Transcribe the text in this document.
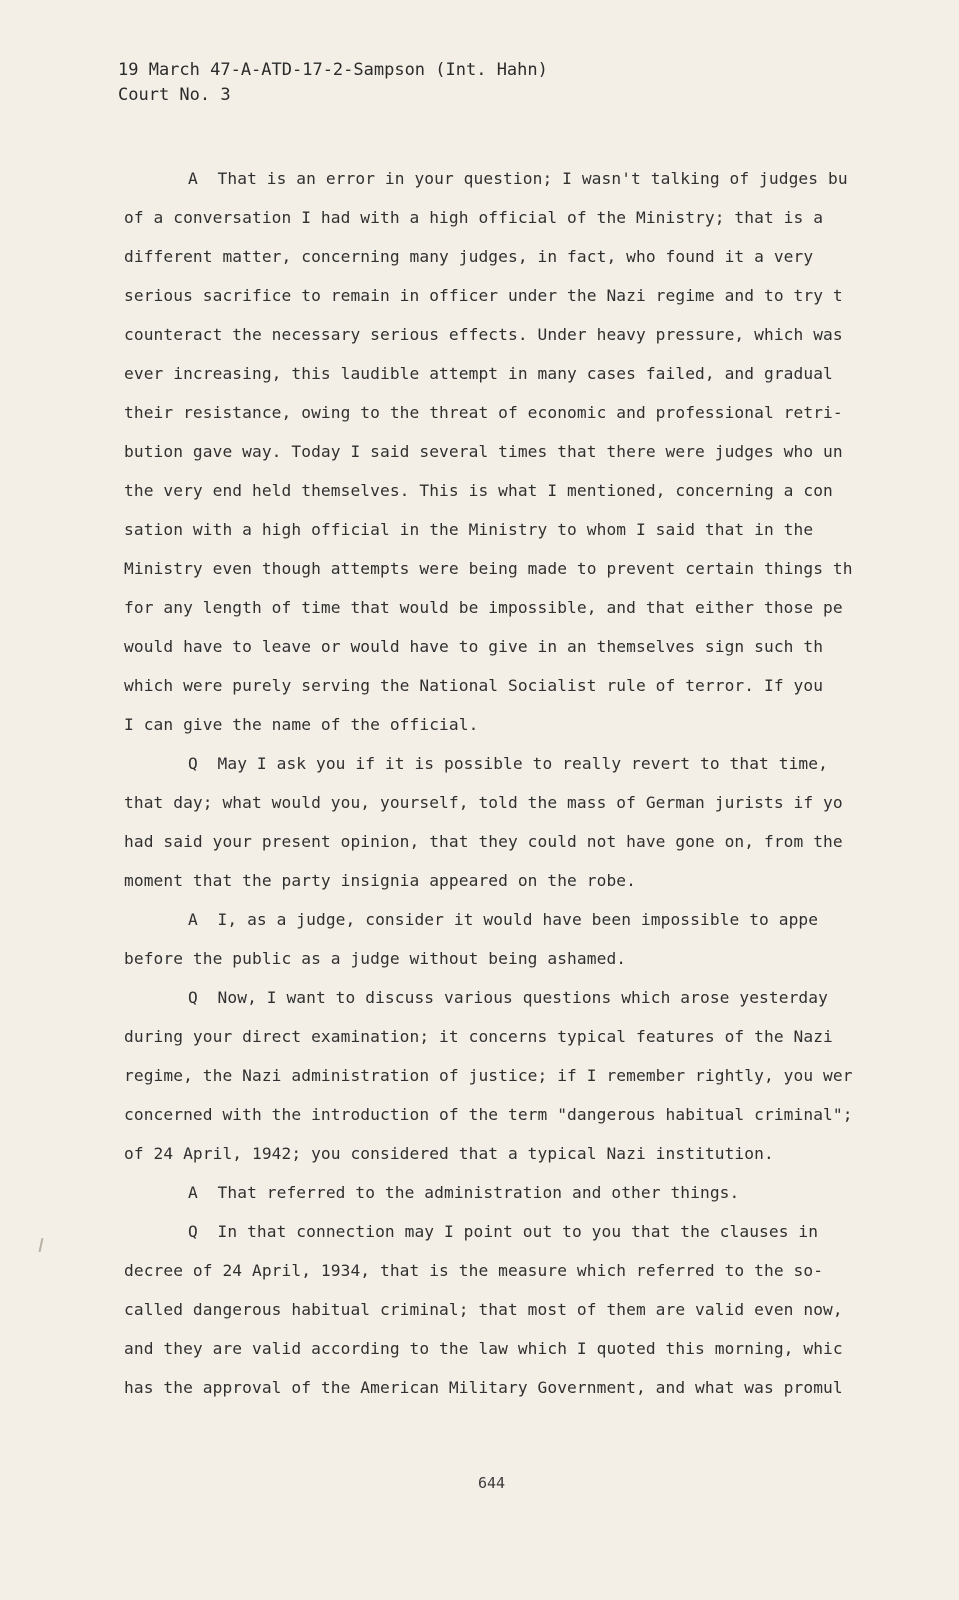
19 March 47-A-ATD-17-2-Sampson (Int. Hahn)
Court No. 3
A  That is an error in your question; I wasn't talking of judges bu
of a conversation I had with a high official of the Ministry; that is a
different matter, concerning many judges, in fact, who found it a very
serious sacrifice to remain in officer under the Nazi regime and to try t
counteract the necessary serious effects. Under heavy pressure, which was
ever increasing, this laudible attempt in many cases failed, and gradual
their resistance, owing to the threat of economic and professional retri-
bution gave way. Today I said several times that there were judges who un
the very end held themselves. This is what I mentioned, concerning a con
sation with a high official in the Ministry to whom I said that in the
Ministry even though attempts were being made to prevent certain things th
for any length of time that would be impossible, and that either those pe
would have to leave or would have to give in an themselves sign such th
which were purely serving the National Socialist rule of terror. If you
I can give the name of the official.
Q  May I ask you if it is possible to really revert to that time,
that day; what would you, yourself, told the mass of German jurists if yo
had said your present opinion, that they could not have gone on, from the
moment that the party insignia appeared on the robe.
A  I, as a judge, consider it would have been impossible to appe
before the public as a judge without being ashamed.
Q  Now, I want to discuss various questions which arose yesterday
during your direct examination; it concerns typical features of the Nazi
regime, the Nazi administration of justice; if I remember rightly, you wer
concerned with the introduction of the term "dangerous habitual criminal";
of 24 April, 1942; you considered that a typical Nazi institution.
A  That referred to the administration and other things.
Q  In that connection may I point out to you that the clauses in
decree of 24 April, 1934, that is the measure which referred to the so-
called dangerous habitual criminal; that most of them are valid even now,
and they are valid according to the law which I quoted this morning, whic
has the approval of the American Military Government, and what was promul
644
